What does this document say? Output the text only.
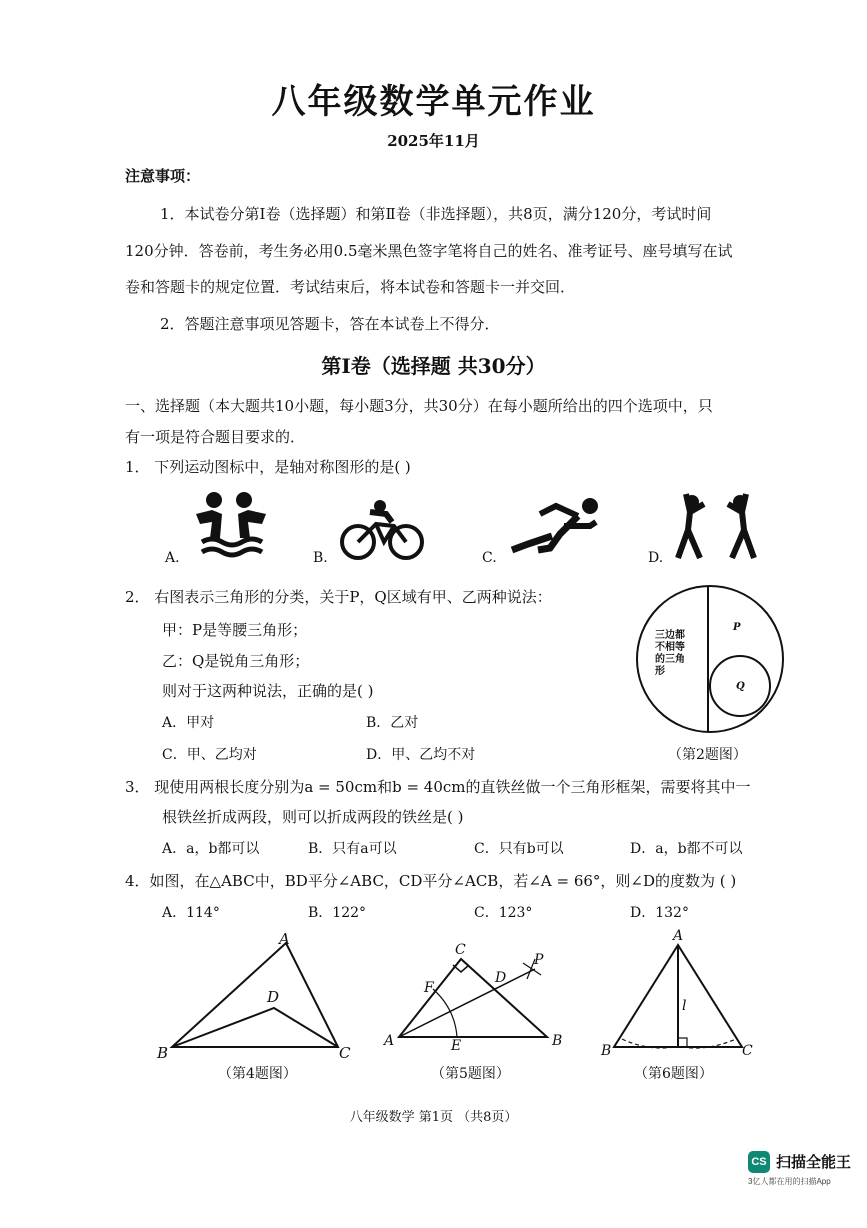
八年级数学单元作业
2025年11月
注意事项：
1．本试卷分第Ⅰ卷（选择题）和第Ⅱ卷（非选择题），共8页，满分120分，考试时间
120分钟．答卷前，考生务必用0.5毫米黑色签字笔将自己的姓名、准考证号、座号填写在试
卷和答题卡的规定位置．考试结束后，将本试卷和答题卡一并交回．
2．答题注意事项见答题卡，答在本试卷上不得分．
第Ⅰ卷（选择题 共30分）
一、选择题（本大题共10小题，每小题3分，共30分）在每小题所给出的四个选项中，只
有一项是符合题目要求的．
1． 下列运动图标中，是轴对称图形的是( )
A.	B.	C.	D.
2． 右图表示三角形的分类，关于P，Q区域有甲、乙两种说法：
甲：P是等腰三角形；
乙：Q是锐角三角形；
则对于这两种说法，正确的是( )
A．甲对	B．乙对
C．甲、乙均对	D．甲、乙均不对
三边都
不相等
的三角
形
P
Q
（第2题图）
3． 现使用两根长度分别为a = 50cm和b = 40cm的直铁丝做一个三角形框架，需要将其中一
根铁丝折成两段，则可以折成两段的铁丝是( )
A．a，b都可以	B．只有a可以	C．只有b可以	D．a，b都不可以
4．如图，在△ABC中，BD平分∠ABC，CD平分∠ACB，若∠A = 66°，则∠D的度数为 ( )
A．114°	B．122°	C．123°	D．132°
A
B	C
D
（第4题图）
C
P
D
F
A	E	B
（第5题图）
A
B	C
l
（第6题图）
八年级数学 第1页 （共8页）
CS 扫描全能王
3亿人都在用的扫描App
